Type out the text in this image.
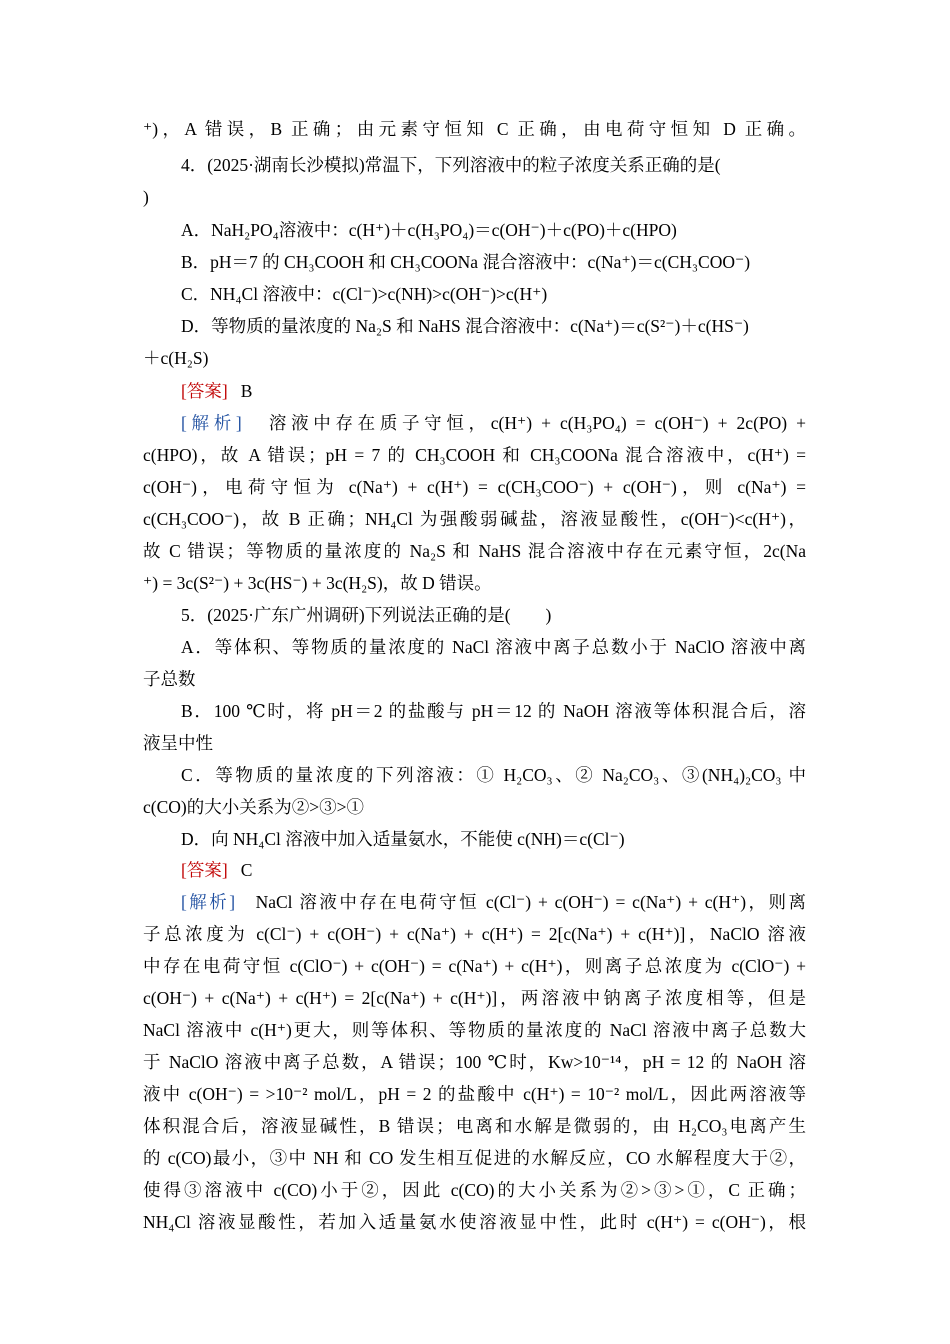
⁺)，A 错误，B 正确；由元素守恒知 C 正确，由电荷守恒知 D 正确。
4．(2025·湖南长沙模拟)常温下，下列溶液中的粒子浓度关系正确的是(
)
A．NaH₂PO₄溶液中：c(H⁺)＋c(H₃PO₄)＝c(OH⁻)＋c(PO)＋c(HPO)
B．pH＝7 的 CH₃COOH 和 CH₃COONa 混合溶液中：c(Na⁺)＝c(CH₃COO⁻)
C．NH₄Cl 溶液中：c(Cl⁻)>c(NH)>c(OH⁻)>c(H⁺)
D．等物质的量浓度的 Na₂S 和 NaHS 混合溶液中：c(Na⁺)＝c(S²⁻)＋c(HS⁻)
＋c(H₂S)
[答案] B
[解析] 溶液中存在质子守恒，c(H⁺) + c(H₃PO₄) = c(OH⁻) + 2c(PO) +
c(HPO)，故 A 错误；pH = 7 的 CH₃COOH 和 CH₃COONa 混合溶液中，c(H⁺) =
c(OH⁻)，电荷守恒为 c(Na⁺) + c(H⁺) = c(CH₃COO⁻) + c(OH⁻)，则 c(Na⁺) =
c(CH₃COO⁻)，故 B 正确；NH₄Cl 为强酸弱碱盐，溶液显酸性，c(OH⁻)<c(H⁺)，
故 C 错误；等物质的量浓度的 Na₂S 和 NaHS 混合溶液中存在元素守恒，2c(Na
⁺) = 3c(S²⁻) + 3c(HS⁻) + 3c(H₂S)，故 D 错误。
5．(2025·广东广州调研)下列说法正确的是(　　)
A．等体积、等物质的量浓度的 NaCl 溶液中离子总数小于 NaClO 溶液中离
子总数
B．100 ℃时，将 pH＝2 的盐酸与 pH＝12 的 NaOH 溶液等体积混合后，溶
液呈中性
C．等物质的量浓度的下列溶液：① H₂CO₃、② Na₂CO₃、③(NH₄)₂CO₃ 中
c(CO)的大小关系为②>③>①
D．向 NH₄Cl 溶液中加入适量氨水，不能使 c(NH)＝c(Cl⁻)
[答案] C
[解析] NaCl 溶液中存在电荷守恒 c(Cl⁻) + c(OH⁻) = c(Na⁺) + c(H⁺)，则离
子总浓度为 c(Cl⁻) + c(OH⁻) + c(Na⁺) + c(H⁺) = 2[c(Na⁺) + c(H⁺)]，NaClO 溶液
中存在电荷守恒 c(ClO⁻) + c(OH⁻) = c(Na⁺) + c(H⁺)，则离子总浓度为 c(ClO⁻) +
c(OH⁻) + c(Na⁺) + c(H⁺) = 2[c(Na⁺) + c(H⁺)]，两溶液中钠离子浓度相等，但是
NaCl 溶液中 c(H⁺)更大，则等体积、等物质的量浓度的 NaCl 溶液中离子总数大
于 NaClO 溶液中离子总数，A 错误；100 ℃时，Kw>10⁻¹⁴，pH = 12 的 NaOH 溶
液中 c(OH⁻) = >10⁻² mol/L，pH = 2 的盐酸中 c(H⁺) = 10⁻² mol/L，因此两溶液等
体积混合后，溶液显碱性，B 错误；电离和水解是微弱的，由 H₂CO₃电离产生
的 c(CO)最小，③中 NH 和 CO 发生相互促进的水解反应，CO 水解程度大于②，
使得③溶液中 c(CO)小于②，因此 c(CO)的大小关系为②>③>①，C 正确；
NH₄Cl 溶液显酸性，若加入适量氨水使溶液显中性，此时 c(H⁺) = c(OH⁻)，根
